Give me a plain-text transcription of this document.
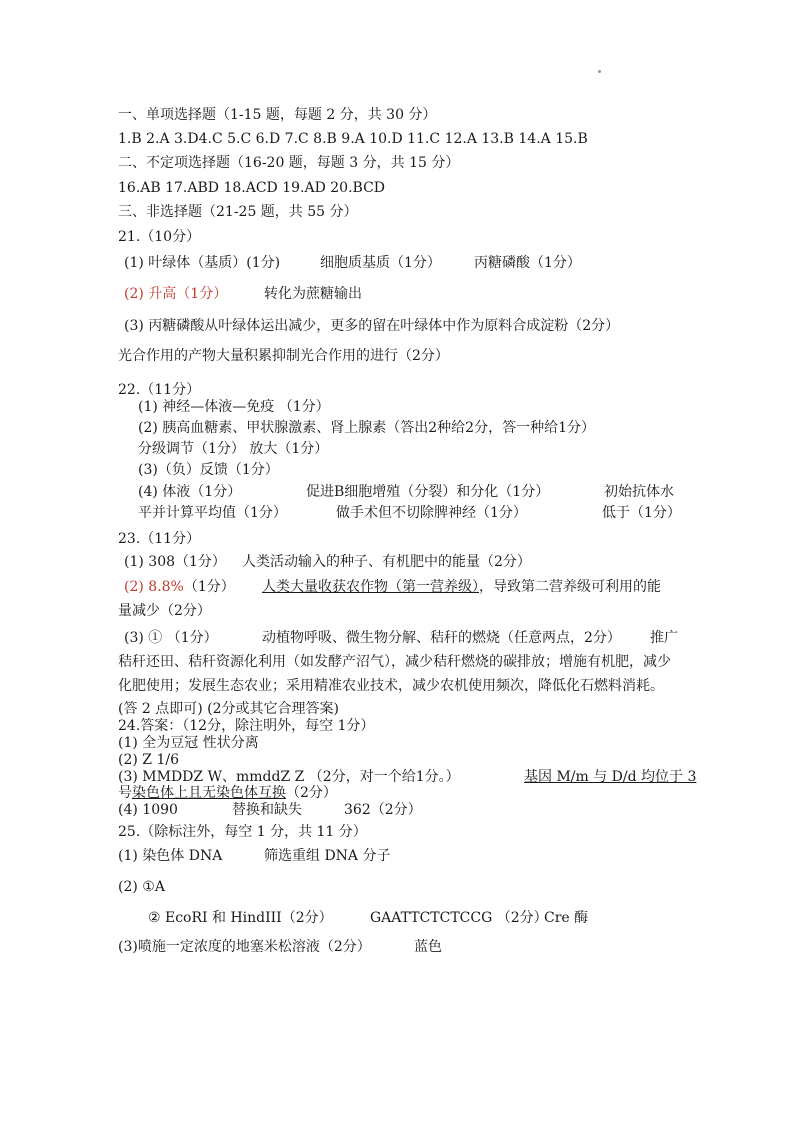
一、单项选择题（1-15 题，每题 2 分，共 30 分）
1.B 2.A 3.D4.C 5.C 6.D 7.C 8.B 9.A 10.D 11.C 12.A 13.B 14.A 15.B
二、不定项选择题（16-20 题，每题 3 分，共 15 分）
16.AB 17.ABD 18.ACD 19.AD 20.BCD
三、非选择题（21-25 题，共 55 分）
21.（10分）
(1) 叶绿体（基质）(1分)	细胞质基质（1分） 丙糖磷酸（1分）
(2) 升高（1分）	转化为蔗糖输出
(3) 丙糖磷酸从叶绿体运出减少，更多的留在叶绿体中作为原料合成淀粉（2分）
光合作用的产物大量积累抑制光合作用的进行（2分）
22.（11分）
(1) 神经—体液—免疫 （1分）
(2) 胰高血糖素、甲状腺激素、肾上腺素（答出2种给2分，答一种给1分）
分级调节（1分） 放大（1分）
(3)（负）反馈（1分）
(4) 体液（1分）	促进B细胞增殖（分裂）和分化（1分）	初始抗体水
平并计算平均值（1分）	做手术但不切除脾神经（1分）	低于（1分）
23.（11分）
(1) 308（1分） 人类活动输入的种子、有机肥中的能量（2分）
(2) 8.8%（1分） 人类大量收获农作物（第一营养级），导致第二营养级可利用的能
量减少（2分）
(3) ① （1分）	动植物呼吸、微生物分解、秸秆的燃烧（任意两点，2分） 推广
秸秆还田、秸秆资源化利用（如发酵产沼气），减少秸秆燃烧的碳排放；增施有机肥，减少
化肥使用；发展生态农业；采用精准农业技术，减少农机使用频次，降低化石燃料消耗。
(答 2 点即可) (2分或其它合理答案)
24.答案：（12分，除注明外，每空 1分）
(1) 全为豆冠 性状分离
(2) Z 1/6
(3) MMDDZ W、mmddZ Z （2分，对一个给1分。）	基因 M/m 与 D/d 均位于 3
号染色体上且无染色体互换（2分）
(4) 1090	替换和缺失	362（2分）
25.（除标注外，每空 1 分，共 11 分）
(1) 染色体 DNA	筛选重组 DNA 分子
(2) ①A
② EcoRI 和 HindIII（2分）	GAATTCTCTCCG （2分）
Cre 酶
(3)喷施一定浓度的地塞米松溶液（2分）	蓝色
